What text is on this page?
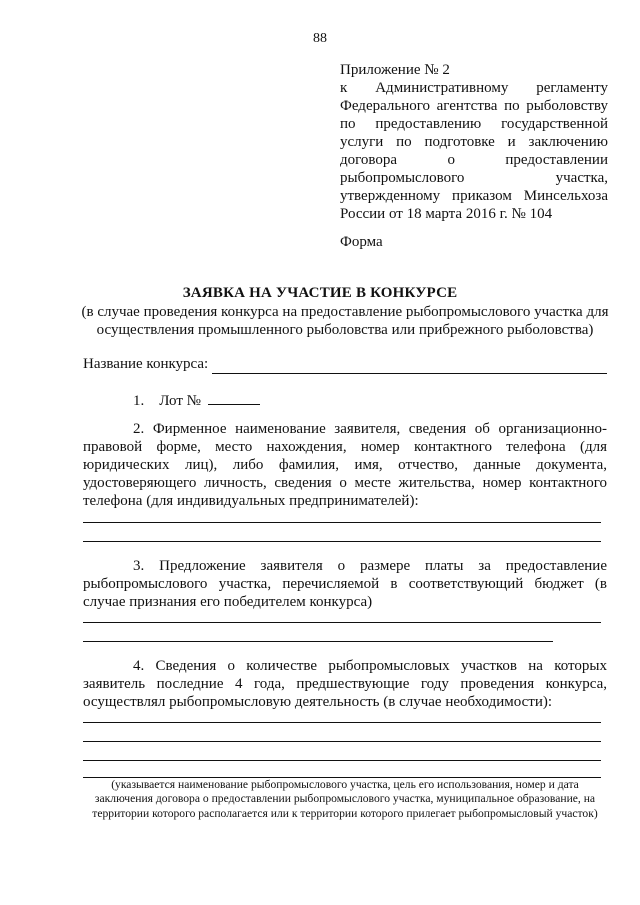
88
Приложение № 2
к Административному регламенту
Федерального агентства по рыболовству
по предоставлению государственной
услуги по подготовке и заключению
договора о предоставлении
рыбопромыслового участка,
утвержденному приказом Минсельхоза
России от 18 марта 2016 г. № 104
Форма
ЗАЯВКА НА УЧАСТИЕ В КОНКУРСЕ
(в случае проведения конкурса на предоставление рыбопромыслового участка для осуществления промышленного рыболовства или прибрежного рыболовства)
Название конкурса:
1. Лот №
2. Фирменное наименование заявителя, сведения об организационно-правовой форме, место нахождения, номер контактного телефона (для юридических лиц), либо фамилия, имя, отчество, данные документа, удостоверяющего личность, сведения о месте жительства, номер контактного телефона (для индивидуальных предпринимателей):
3. Предложение заявителя о размере платы за предоставление рыбопромыслового участка, перечисляемой в соответствующий бюджет (в случае признания его победителем конкурса)
4. Сведения о количестве рыбопромысловых участков на которых заявитель последние 4 года, предшествующие году проведения конкурса, осуществлял рыбопромысловую деятельность (в случае необходимости):
(указывается наименование рыбопромыслового участка, цель его использования, номер и дата заключения договора о предоставлении рыбопромыслового участка, муниципальное образование, на территории которого располагается или к территории которого прилегает рыбопромысловый участок)
